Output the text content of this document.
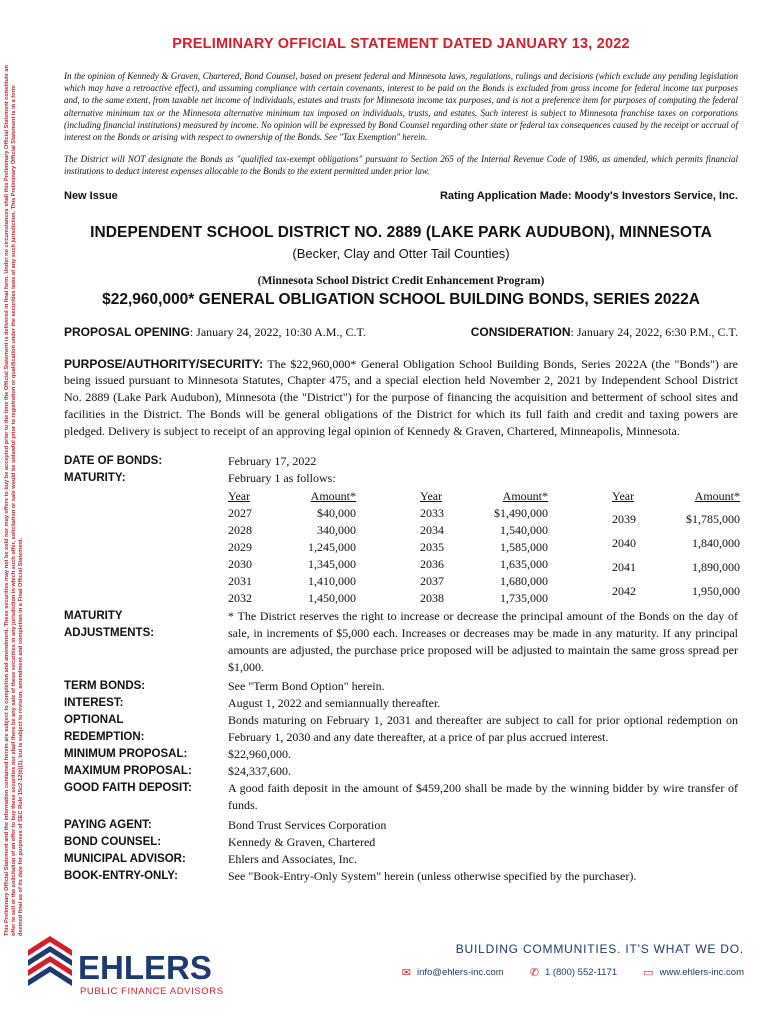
This Preliminary Official Statement and the information contained herein are subject to completion and amendment. These securities may not be sold nor may offers to buy be accepted prior to the time the Official Statement is delivered in final form. Under no circumstances shall this Preliminary Official Statement constitute an offer to sell or the solicitation of an offer to buy these securities nor shall there be any sale of these securities in any jurisdiction in which such offer, solicitation or sale would be unlawful prior to registration or qualification under the securities laws of any such jurisdiction. This Preliminary Official Statement is in a form deemed final as of its date for purposes of SEC Rule 15c2-12(b)(1), but is subject to revision, amendment and completion in a Final Official Statement.
PRELIMINARY OFFICIAL STATEMENT DATED JANUARY 13, 2022

In the opinion of Kennedy & Graven, Chartered, Bond Counsel, based on present federal and Minnesota laws, regulations, rulings and decisions (which exclude any pending legislation which may have a retroactive effect), and assuming compliance with certain covenants, interest to be paid on the Bonds is excluded from gross income for federal income tax purposes and, to the same extent, from taxable net income of individuals, estates and trusts for Minnesota income tax purposes, and is not a preference item for purposes of computing the federal alternative minimum tax or the Minnesota alternative minimum tax imposed on individuals, trusts, and estates. Such interest is subject to Minnesota franchise taxes on corporations (including financial institutions) measured by income. No opinion will be expressed by Bond Counsel regarding other state or federal tax consequences caused by the receipt or accrual of interest on the Bonds or arising with respect to ownership of the Bonds. See "Tax Exemption" herein.

The District will NOT designate the Bonds as "qualified tax-exempt obligations" pursuant to Section 265 of the Internal Revenue Code of 1986, as amended, which permits financial institutions to deduct interest expenses allocable to the Bonds to the extent permitted under prior law.

New Issue	Rating Application Made: Moody's Investors Service, Inc.
INDEPENDENT SCHOOL DISTRICT NO. 2889 (LAKE PARK AUDUBON), MINNESOTA
(Becker, Clay and Otter Tail Counties)
(Minnesota School District Credit Enhancement Program)
$22,960,000* GENERAL OBLIGATION SCHOOL BUILDING BONDS, SERIES 2022A
PROPOSAL OPENING: January 24, 2022, 10:30 A.M., C.T.	CONSIDERATION: January 24, 2022, 6:30 P.M., C.T.

PURPOSE/AUTHORITY/SECURITY: The $22,960,000* General Obligation School Building Bonds, Series 2022A (the "Bonds") are being issued pursuant to Minnesota Statutes, Chapter 475, and a special election held November 2, 2021 by Independent School District No. 2889 (Lake Park Audubon), Minnesota (the "District") for the purpose of financing the acquisition and betterment of school sites and facilities in the District. The Bonds will be general obligations of the District for which its full faith and credit and taxing powers are pledged. Delivery is subject to receipt of an approving legal opinion of Kennedy & Graven, Chartered, Minneapolis, Minnesota.

DATE OF BONDS:	February 17, 2022
MATURITY:	February 1 as follows:
Year	Amount*
2027	$40,000
2028	340,000
2029	1,245,000
2030	1,345,000
2031	1,410,000
2032	1,450,000
Year	Amount*
2033	$1,490,000
2034	1,540,000
2035	1,585,000
2036	1,635,000
2037	1,680,000
2038	1,735,000
Year	Amount*
2039	$1,785,000
2040	1,840,000
2041	1,890,000
2042	1,950,000
MATURITY
ADJUSTMENTS:
* The District reserves the right to increase or decrease the principal amount of the Bonds on the day of sale, in increments of $5,000 each. Increases or decreases may be made in any maturity. If any principal amounts are adjusted, the purchase price proposed will be adjusted to maintain the same gross spread per $1,000.
TERM BONDS:	See "Term Bond Option" herein.
INTEREST:	August 1, 2022 and semiannually thereafter.
OPTIONAL
REDEMPTION:
Bonds maturing on February 1, 2031 and thereafter are subject to call for prior optional redemption on February 1, 2030 and any date thereafter, at a price of par plus accrued interest.
MINIMUM PROPOSAL:	$22,960,000.
MAXIMUM PROPOSAL:	$24,337,600.
GOOD FAITH DEPOSIT:	A good faith deposit in the amount of $459,200 shall be made by the winning bidder by wire transfer of funds.
PAYING AGENT:	Bond Trust Services Corporation
BOND COUNSEL:	Kennedy & Graven, Chartered
MUNICIPAL ADVISOR:	Ehlers and Associates, Inc.
BOOK-ENTRY-ONLY:	See "Book-Entry-Only System" herein (unless otherwise specified by the purchaser).
EHLERS
PUBLIC FINANCE ADVISORS
BUILDING COMMUNITIES. IT'S WHAT WE DO.
✉ info@ehlers-inc.com ✆ 1 (800) 552-1171 ▭ www.ehlers-inc.com
